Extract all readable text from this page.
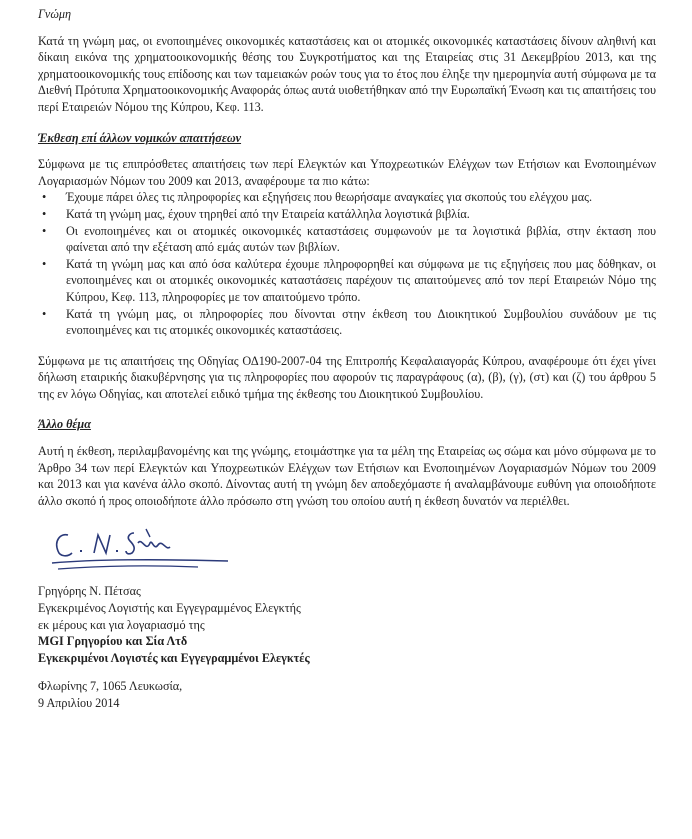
Γνώμη

Κατά τη γνώμη μας, οι ενοποιημένες οικονομικές καταστάσεις και οι ατομικές οικονομικές καταστάσεις δίνουν αληθινή και δίκαιη εικόνα της χρηματοοικονομικής θέσης του Συγκροτήματος και της Εταιρείας στις 31 Δεκεμβρίου 2013, και της χρηματοοικονομικής τους επίδοσης και των ταμειακών ροών τους για το έτος που έληξε την ημερομηνία αυτή σύμφωνα με τα Διεθνή Πρότυπα Χρηματοοικονομικής Αναφοράς όπως αυτά υιοθετήθηκαν από την Ευρωπαϊκή Ένωση και τις απαιτήσεις του περί Εταιρειών Νόμου της Κύπρου, Κεφ. 113.

Έκθεση επί άλλων νομικών απαιτήσεων

Σύμφωνα με τις επιπρόσθετες απαιτήσεις των περί Ελεγκτών και Υποχρεωτικών Ελέγχων των Ετήσιων και Ενοποιημένων Λογαριασμών Νόμων του 2009 και 2013, αναφέρουμε τα πιο κάτω:

• Έχουμε πάρει όλες τις πληροφορίες και εξηγήσεις που θεωρήσαμε αναγκαίες για σκοπούς του ελέγχου μας.
• Κατά τη γνώμη μας, έχουν τηρηθεί από την Εταιρεία κατάλληλα λογιστικά βιβλία.
• Οι ενοποιημένες και οι ατομικές οικονομικές καταστάσεις συμφωνούν με τα λογιστικά βιβλία, στην έκταση που φαίνεται από την εξέταση από εμάς αυτών των βιβλίων.
• Κατά τη γνώμη μας και από όσα καλύτερα έχουμε πληροφορηθεί και σύμφωνα με τις εξηγήσεις που μας δόθηκαν, οι ενοποιημένες και οι ατομικές οικονομικές καταστάσεις παρέχουν τις απαιτούμενες από τον περί Εταιρειών Νόμο της Κύπρου, Κεφ. 113, πληροφορίες με τον απαιτούμενο τρόπο.
• Κατά τη γνώμη μας, οι πληροφορίες που δίνονται στην έκθεση του Διοικητικού Συμβουλίου συνάδουν με τις ενοποιημένες και τις ατομικές οικονομικές καταστάσεις.

Σύμφωνα με τις απαιτήσεις της Οδηγίας ΟΔ190-2007-04 της Επιτροπής Κεφαλαιαγοράς Κύπρου, αναφέρουμε ότι έχει γίνει δήλωση εταιρικής διακυβέρνησης για τις πληροφορίες που αφορούν τις παραγράφους (α), (β), (γ), (στ) και (ζ) του άρθρου 5 της εν λόγω Οδηγίας, και αποτελεί ειδικό τμήμα της έκθεσης του Διοικητικού Συμβουλίου.

Άλλο θέμα

Αυτή η έκθεση, περιλαμβανομένης και της γνώμης, ετοιμάστηκε για τα μέλη της Εταιρείας ως σώμα και μόνο σύμφωνα με το Άρθρο 34 των περί Ελεγκτών και Υποχρεωτικών Ελέγχων των Ετήσιων και Ενοποιημένων Λογαριασμών Νόμων του 2009 και 2013 και για κανένα άλλο σκοπό. Δίνοντας αυτή τη γνώμη δεν αποδεχόμαστε ή αναλαμβάνουμε ευθύνη για οποιοδήποτε άλλο σκοπό ή προς οποιοδήποτε άλλο πρόσωπο στη γνώση του οποίου αυτή η έκθεση δυνατόν να περιέλθει.

Γρηγόρης Ν. Πέτσας
Εγκεκριμένος Λογιστής και Εγγεγραμμένος Ελεγκτής
εκ μέρους και για λογαριασμό της
MGI Γρηγορίου και Σία Λτδ
Εγκεκριμένοι Λογιστές και Εγγεγραμμένοι Ελεγκτές
Φλωρίνης 7, 1065 Λευκωσία,
9 Απριλίου 2014
